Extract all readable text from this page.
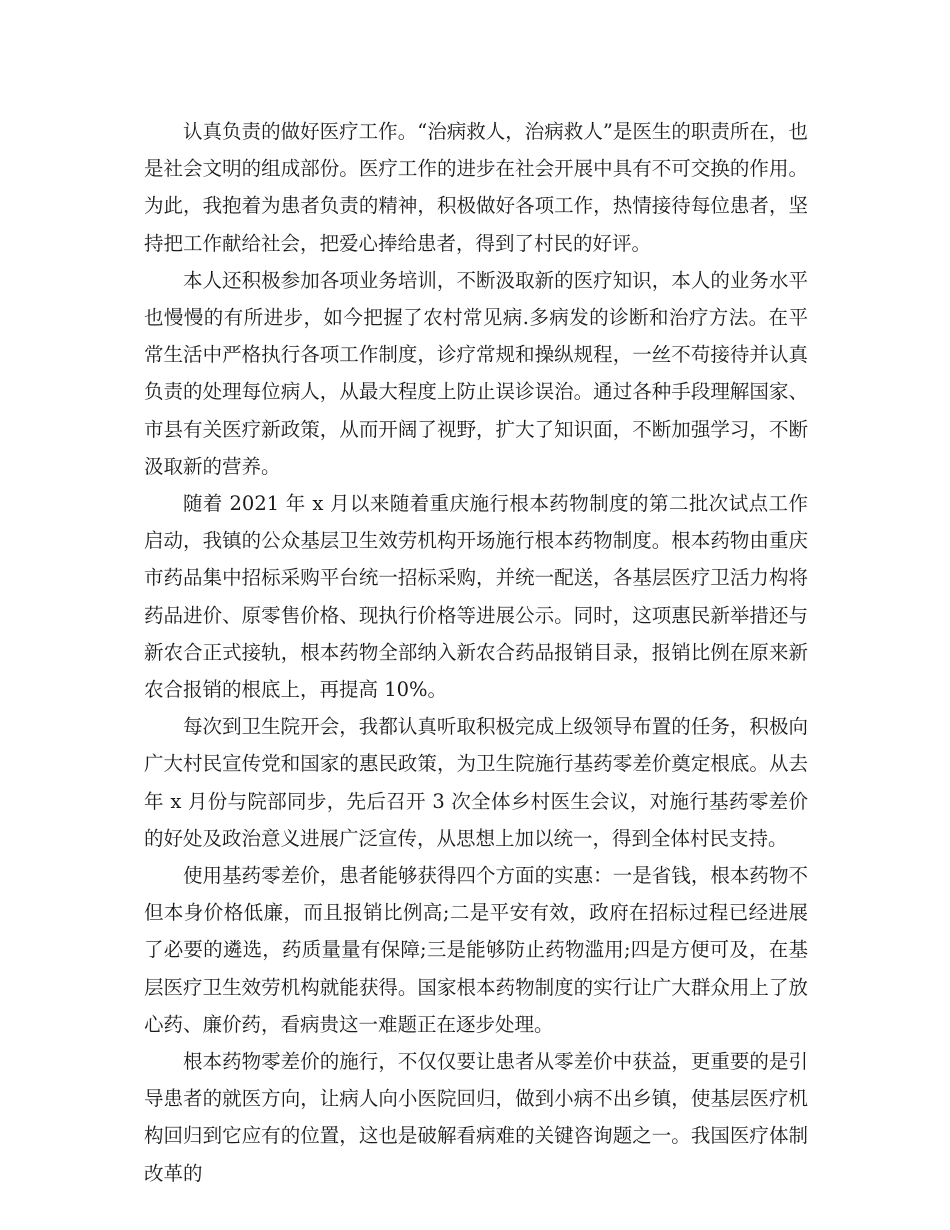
认真负责的做好医疗工作。“治病救人，治病救人”是医生的职责所在，也是社会文明的组成部份。医疗工作的进步在社会开展中具有不可交换的作用。为此，我抱着为患者负责的精神，积极做好各项工作，热情接待每位患者，坚持把工作献给社会，把爱心捧给患者，得到了村民的好评。

本人还积极参加各项业务培训，不断汲取新的医疗知识，本人的业务水平也慢慢的有所进步，如今把握了农村常见病.多病发的诊断和治疗方法。在平常生活中严格执行各项工作制度，诊疗常规和操纵规程，一丝不苟接待并认真负责的处理每位病人，从最大程度上防止误诊误治。通过各种手段理解国家、市县有关医疗新政策，从而开阔了视野，扩大了知识面，不断加强学习，不断汲取新的营养。

随着 2021 年 x 月以来随着重庆施行根本药物制度的第二批次试点工作启动，我镇的公众基层卫生效劳机构开场施行根本药物制度。根本药物由重庆市药品集中招标采购平台统一招标采购，并统一配送，各基层医疗卫活力构将药品进价、原零售价格、现执行价格等进展公示。同时，这项惠民新举措还与新农合正式接轨，根本药物全部纳入新农合药品报销目录，报销比例在原来新农合报销的根底上，再提高 10%。

每次到卫生院开会，我都认真听取积极完成上级领导布置的任务，积极向广大村民宣传党和国家的惠民政策，为卫生院施行基药零差价奠定根底。从去年 x 月份与院部同步，先后召开 3 次全体乡村医生会议，对施行基药零差价的好处及政治意义进展广泛宣传，从思想上加以统一，得到全体村民支持。

使用基药零差价，患者能够获得四个方面的实惠：一是省钱，根本药物不但本身价格低廉，而且报销比例高;二是平安有效，政府在招标过程已经进展了必要的遴选，药质量量有保障;三是能够防止药物滥用;四是方便可及，在基层医疗卫生效劳机构就能获得。国家根本药物制度的实行让广大群众用上了放心药、廉价药，看病贵这一难题正在逐步处理。

根本药物零差价的施行，不仅仅要让患者从零差价中获益，更重要的是引导患者的就医方向，让病人向小医院回归，做到小病不出乡镇，使基层医疗机构回归到它应有的位置，这也是破解看病难的关键咨询题之一。我国医疗体制改革的
